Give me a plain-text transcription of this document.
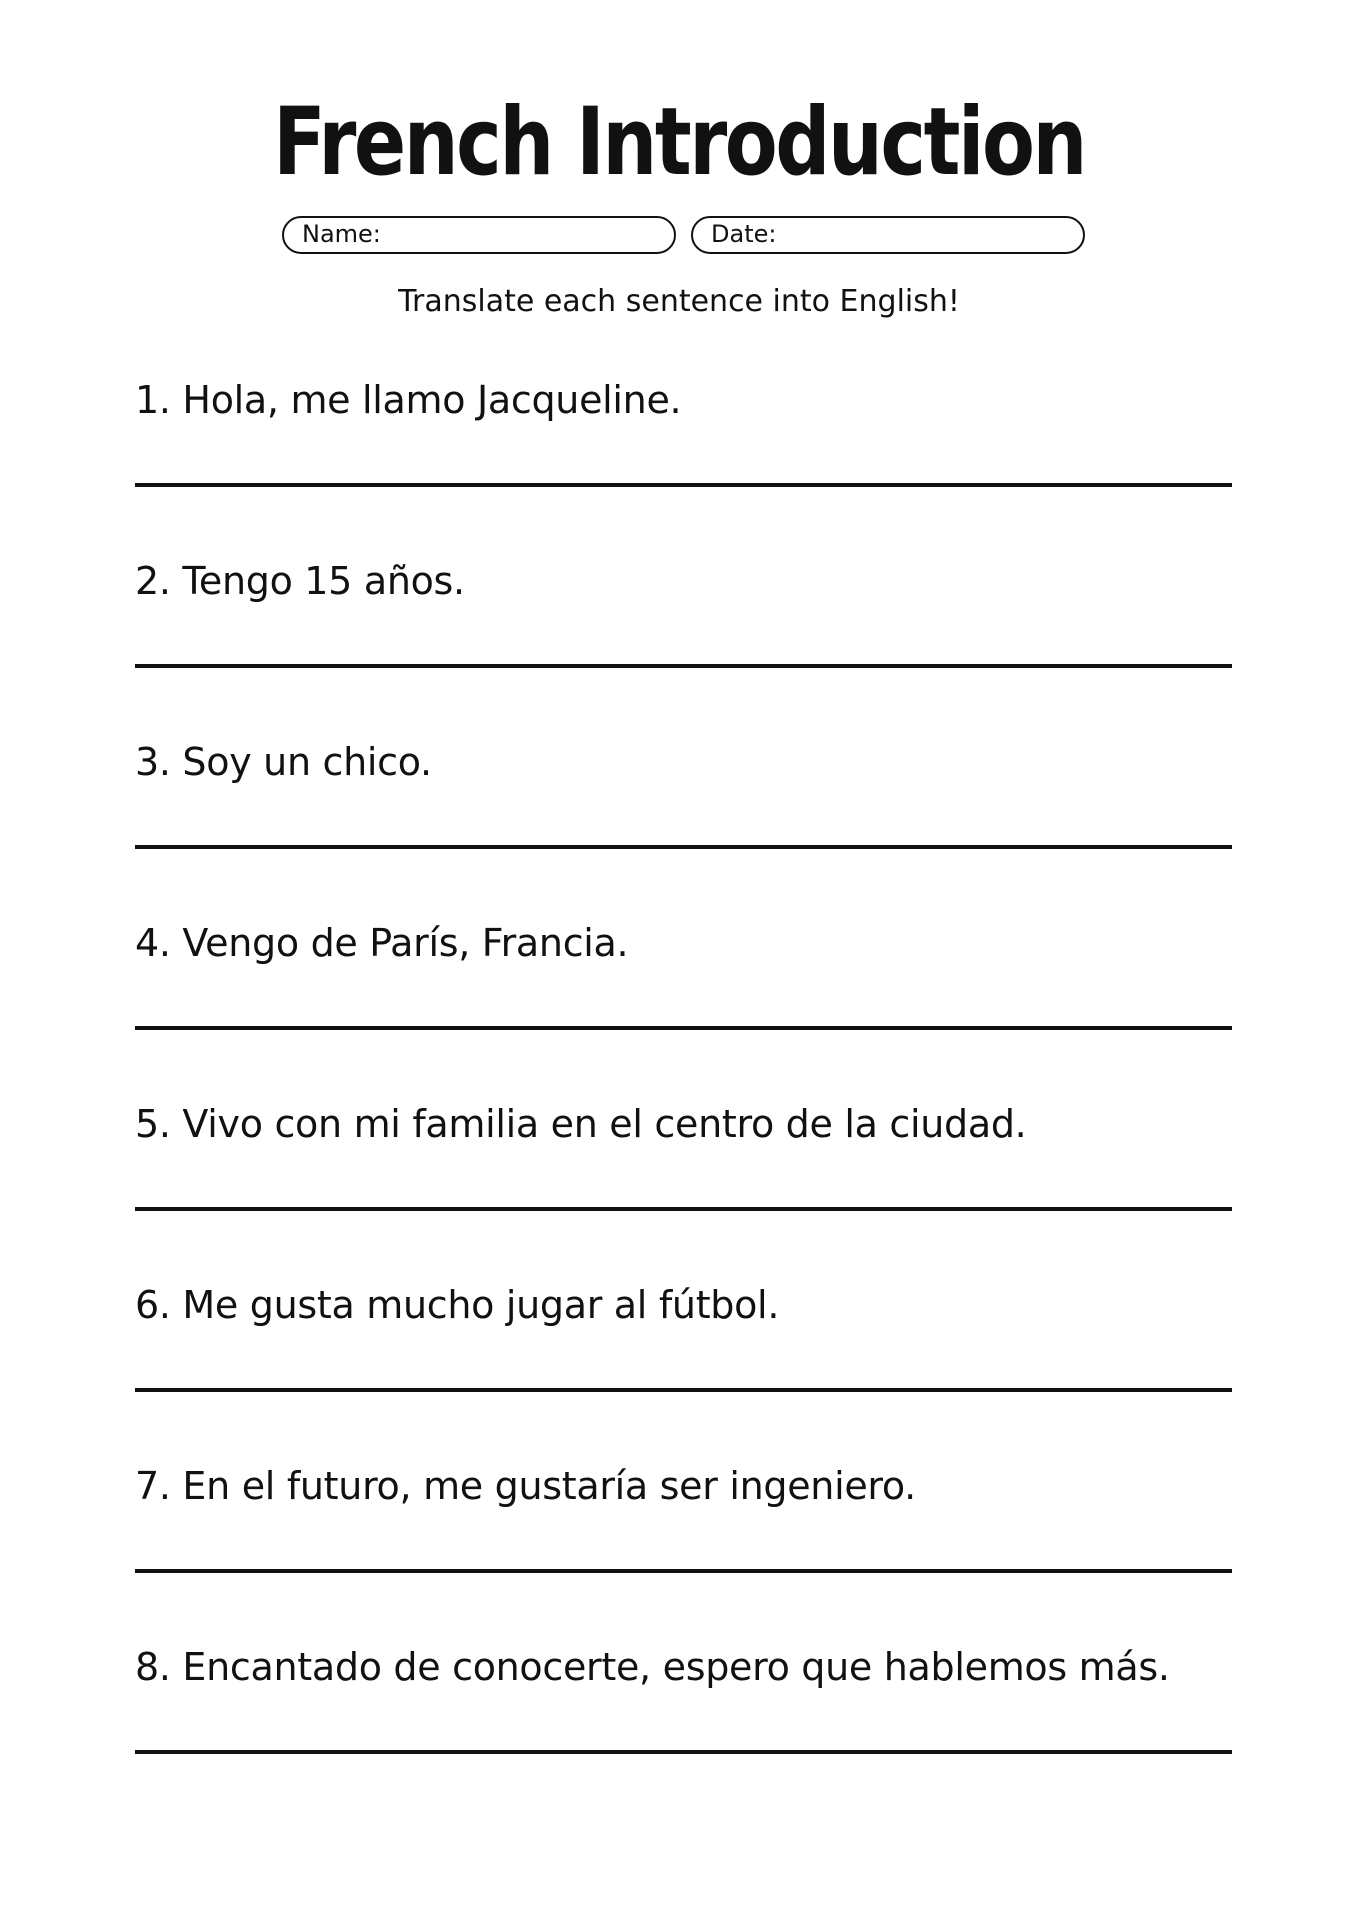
French Introduction
Name:	Date:
Translate each sentence into English!
1. Hola, me llamo Jacqueline.
2. Tengo 15 años.
3. Soy un chico.
4. Vengo de París, Francia.
5. Vivo con mi familia en el centro de la ciudad.
6. Me gusta mucho jugar al fútbol.
7. En el futuro, me gustaría ser ingeniero.
8. Encantado de conocerte, espero que hablemos más.
